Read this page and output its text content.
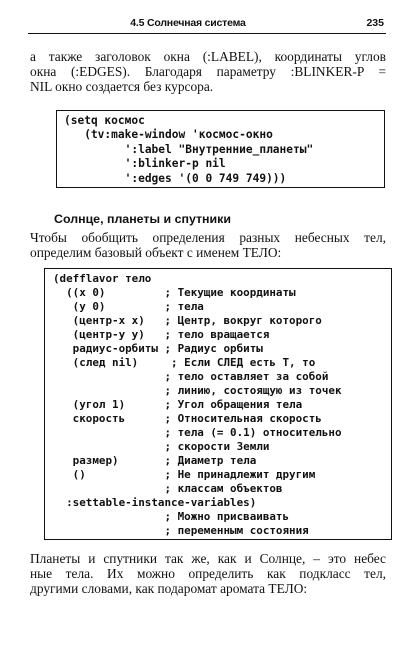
4.5 Солнечная система	235
а также заголовок окна (:LABEL), координаты углов
окна (:EDGES). Благодаря параметру :BLINKER-P =
NIL окно создается без курсора.
(setq космос
(tv:make-window 'космос-окно
':label "Внутренние_планеты"
':blinker-p nil
':edges '(0 0 749 749)))
Солнце, планеты и спутники
Чтобы обобщить определения разных небесных тел,
определим базовый объект с именем ТЕЛО:
(defflavor тело
((x 0)         ; Текущие координаты
(y 0)         ; тела
(центр-x x)   ; Центр, вокруг которого
(центр-y y)   ; тело вращается
радиус-орбиты ; Радиус орбиты
(след nil)     ; Если СЛЕД есть T, то
; тело оставляет за собой
; линию, состоящую из точек
(угол 1)      ; Угол обращения тела
скорость      ; Относительная скорость
; тела (= 0.1) относительно
; скорости Земли
размер)       ; Диаметр тела
()            ; Не принадлежит другим
; классам объектов
:settable-instance-variables)
; Можно присваивать
; переменным состояния
Планеты и спутники так же, как и Солнце, – это небес
ные тела. Их можно определить как подкласс тел,
другими словами, как подаромат аромата ТЕЛО:
